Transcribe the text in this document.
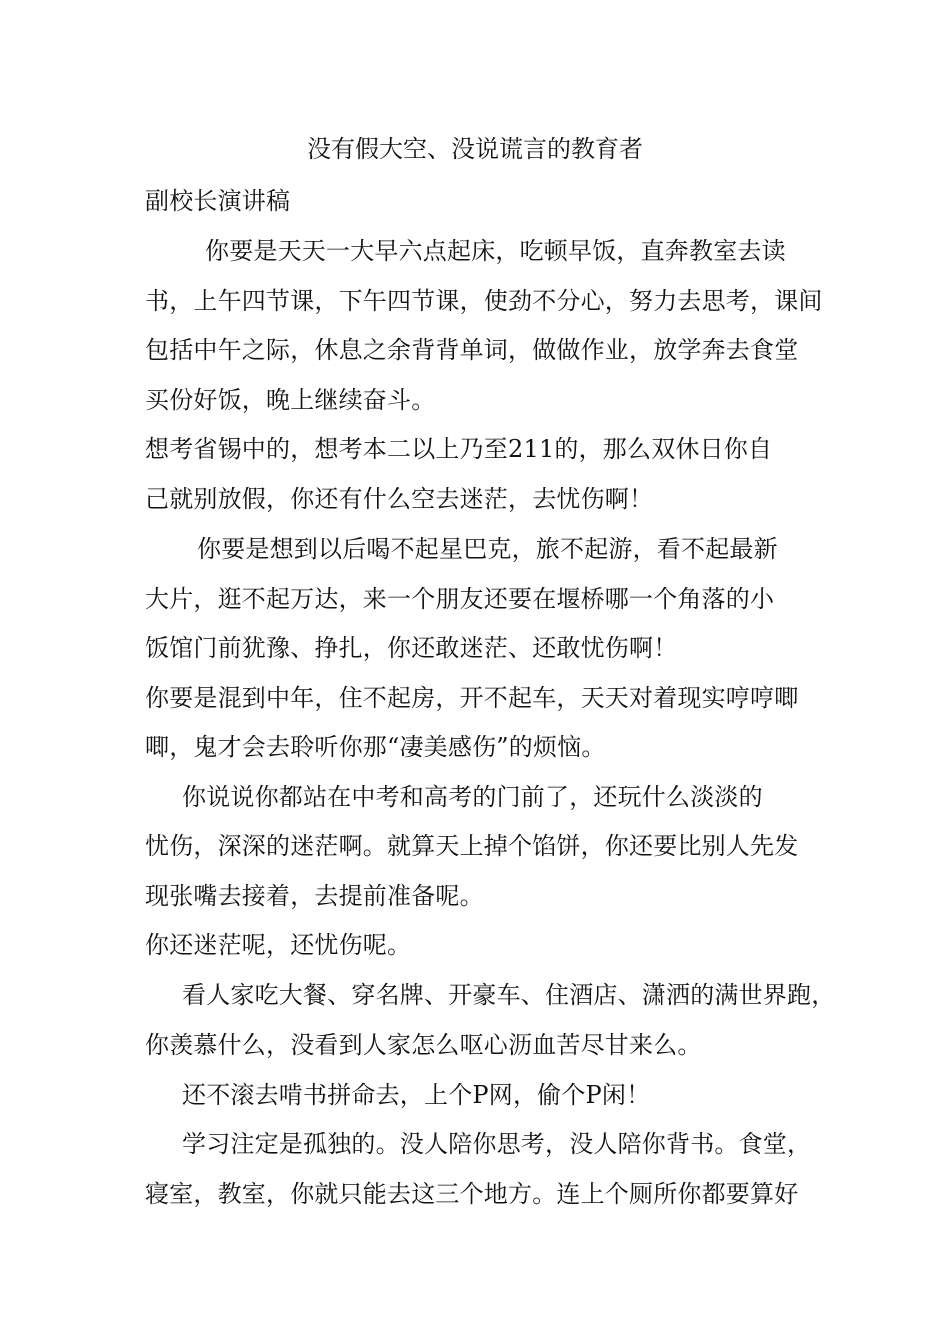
没有假大空、没说谎言的教育者
副校长演讲稿
你要是天天一大早六点起床，吃顿早饭，直奔教室去读
书，上午四节课，下午四节课，使劲不分心，努力去思考，课间
包括中午之际，休息之余背背单词，做做作业，放学奔去食堂
买份好饭，晚上继续奋斗。
想考省锡中的，想考本二以上乃至211的，那么双休日你自
己就别放假，你还有什么空去迷茫，去忧伤啊！
你要是想到以后喝不起星巴克，旅不起游，看不起最新
大片，逛不起万达，来一个朋友还要在堰桥哪一个角落的小
饭馆门前犹豫、挣扎，你还敢迷茫、还敢忧伤啊！
你要是混到中年，住不起房，开不起车，天天对着现实哼哼唧
唧，鬼才会去聆听你那“凄美感伤”的烦恼。
你说说你都站在中考和高考的门前了，还玩什么淡淡的
忧伤，深深的迷茫啊。就算天上掉个馅饼，你还要比别人先发
现张嘴去接着，去提前准备呢。
你还迷茫呢，还忧伤呢。
看人家吃大餐、穿名牌、开豪车、住酒店、潇洒的满世界跑，
你羡慕什么，没看到人家怎么呕心沥血苦尽甘来么。
还不滚去啃书拼命去，上个P网，偷个P闲！
学习注定是孤独的。没人陪你思考，没人陪你背书。食堂，
寝室，教室，你就只能去这三个地方。连上个厕所你都要算好
